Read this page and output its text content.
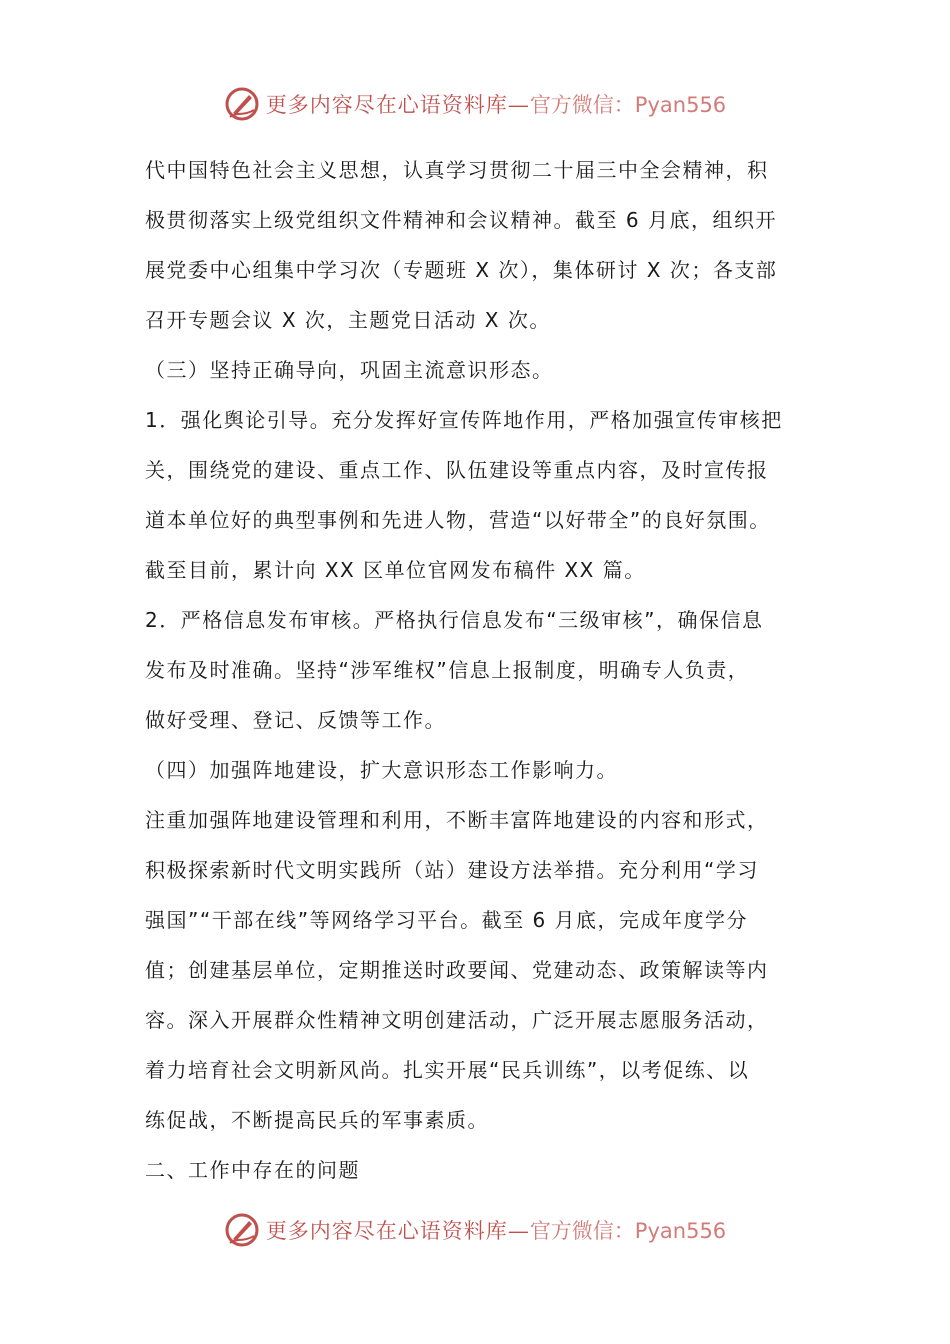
更多内容尽在心语资料库—官方微信：Pyan556
代中国特色社会主义思想，认真学习贯彻二十届三中全会精神，积
极贯彻落实上级党组织文件精神和会议精神。截至 6 月底，组织开
展党委中心组集中学习次（专题班 X 次），集体研讨 X 次；各支部
召开专题会议 X 次，主题党日活动 X 次。
（三）坚持正确导向，巩固主流意识形态。
1．强化舆论引导。充分发挥好宣传阵地作用，严格加强宣传审核把
关，围绕党的建设、重点工作、队伍建设等重点内容，及时宣传报
道本单位好的典型事例和先进人物，营造“以好带全”的良好氛围。
截至目前，累计向 XX 区单位官网发布稿件 XX 篇。
2．严格信息发布审核。严格执行信息发布“三级审核”，确保信息
发布及时准确。坚持“涉军维权”信息上报制度，明确专人负责，
做好受理、登记、反馈等工作。
（四）加强阵地建设，扩大意识形态工作影响力。
注重加强阵地建设管理和利用，不断丰富阵地建设的内容和形式，
积极探索新时代文明实践所（站）建设方法举措。充分利用“学习
强国”“干部在线”等网络学习平台。截至 6 月底，完成年度学分
值；创建基层单位，定期推送时政要闻、党建动态、政策解读等内
容。深入开展群众性精神文明创建活动，广泛开展志愿服务活动，
着力培育社会文明新风尚。扎实开展“民兵训练”，以考促练、以
练促战，不断提高民兵的军事素质。
二、工作中存在的问题
更多内容尽在心语资料库—官方微信：Pyan556
